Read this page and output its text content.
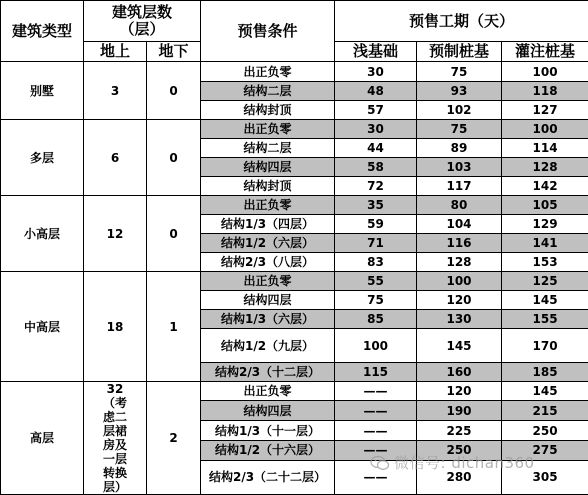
建筑类型	建筑层数
（层）		预售条件	预售工期（天）		
	地上	地下		浅基础	预制桩基	灌注桩基
别墅	3	0	出正负零	30	75	100
			结构二层	48	93	118
			结构封顶	57	102	127
多层	6	0	出正负零	30	75	100
			结构二层	44	89	114
			结构四层	58	103	128
			结构封顶	72	117	142
小高层	12	0	出正负零	35	80	105
			结构1/3（四层）	59	104	129
			结构1/2（六层）	71	116	141
			结构2/3（八层）	83	128	153
中高层	18	1	出正负零	55	100	125
			结构四层	75	120	145
			结构1/3（六层）	85	130	155
			结构1/2（九层）	100	145	170
			结构2/3（十二层）	115	160	185
高层	32（考虑二层裙房及一层转换层）	2	出正负零	——	120	145
			结构四层	——	190	215
			结构1/3（十一层）	——	225	250
			结构1/2（十六层）	——	250	275
			结构2/3（二十二层）	——	280	305
微信号: dichan360
